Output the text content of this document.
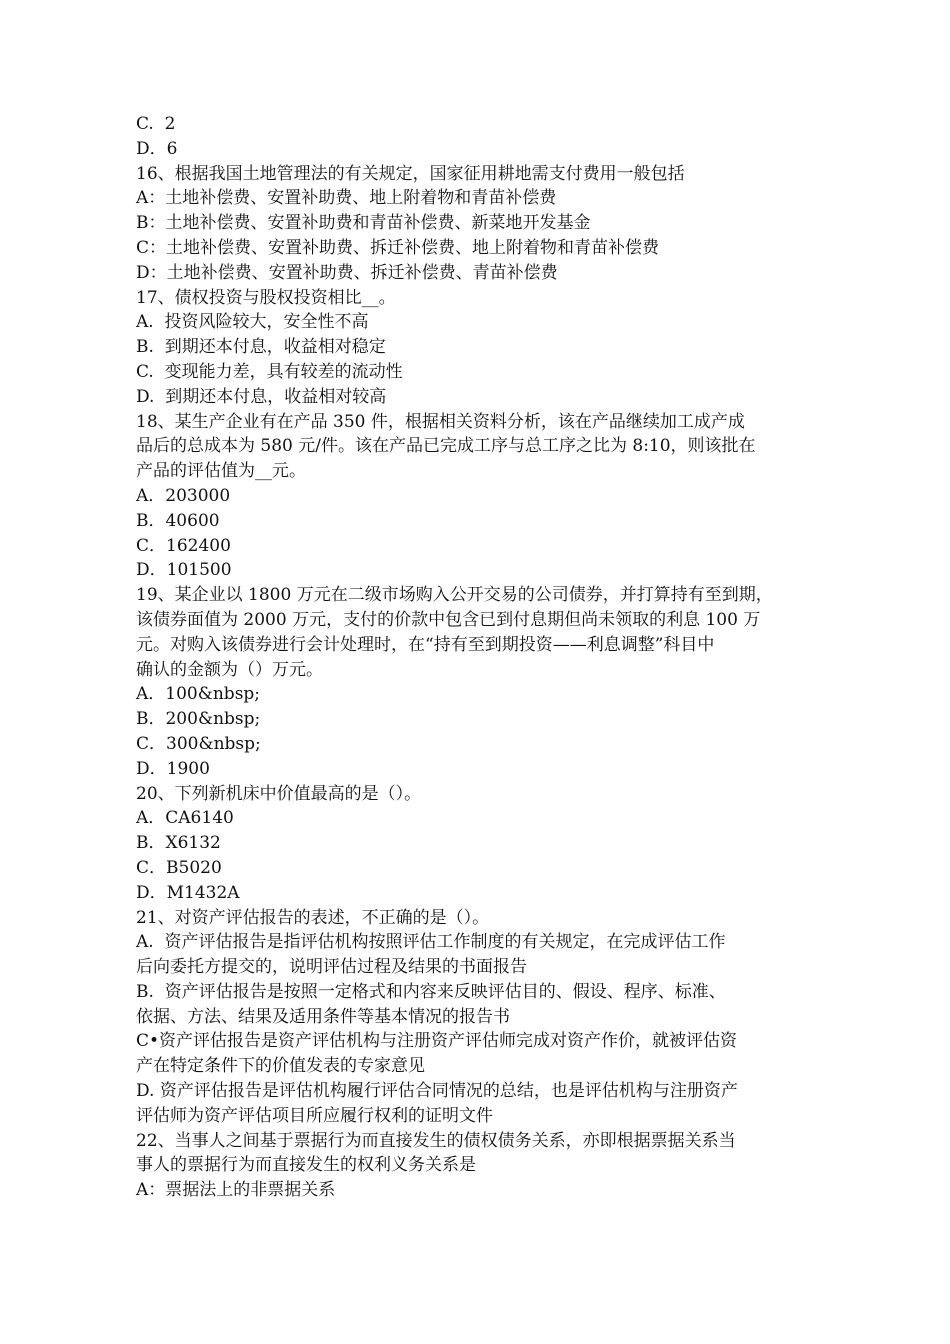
C.  2
D．6
16、根据我国土地管理法的有关规定，国家征用耕地需支付费用一般包括
A：土地补偿费、安置补助费、地上附着物和青苗补偿费
B：土地补偿费、安置补助费和青苗补偿费、新菜地开发基金
C：土地补偿费、安置补助费、拆迁补偿费、地上附着物和青苗补偿费
D：土地补偿费、安置补助费、拆迁补偿费、青苗补偿费
17、债权投资与股权投资相比__。
A.  投资风险较大，安全性不高
B.  到期还本付息，收益相对稳定
C.  变现能力差，具有较差的流动性
D.  到期还本付息，收益相对较高
18、某生产企业有在产品 350 件，根据相关资料分析，该在产品继续加工成产成
品后的总成本为 580 元/件。该在产品已完成工序与总工序之比为 8:10，则该批在
产品的评估值为__元。
A．203000
B．40600
C．162400
D．101500
19、某企业以 1800 万元在二级市场购入公开交易的公司债券，并打算持有至到期，
该债券面值为 2000 万元，支付的价款中包含已到付息期但尚未领取的利息 100 万
元。对购入该债券进行会计处理时，在“持有至到期投资——利息调整”科目中
确认的金额为（）万元。
A．100&nbsp;
B．200&nbsp;
C．300&nbsp;
D．1900
20、下列新机床中价值最高的是（）。
A．CA6140
B．X6132
C．B5020
D．M1432A
21、对资产评估报告的表述，不正确的是（）。
A.  资产评估报告是指评估机构按照评估工作制度的有关规定，在完成评估工作
后向委托方提交的，说明评估过程及结果的书面报告
B.  资产评估报告是按照一定格式和内容来反映评估目的、假设、程序、标准、
依据、方法、结果及适用条件等基本情况的报告书
C•资产评估报告是资产评估机构与注册资产评估师完成对资产作价，就被评估资
产在特定条件下的价值发表的专家意见
D. 资产评估报告是评估机构履行评估合同情况的总结，也是评估机构与注册资产
评估师为资产评估项目所应履行权利的证明文件
22、当事人之间基于票据行为而直接发生的债权债务关系，亦即根据票据关系当
事人的票据行为而直接发生的权利义务关系是
A：票据法上的非票据关系
